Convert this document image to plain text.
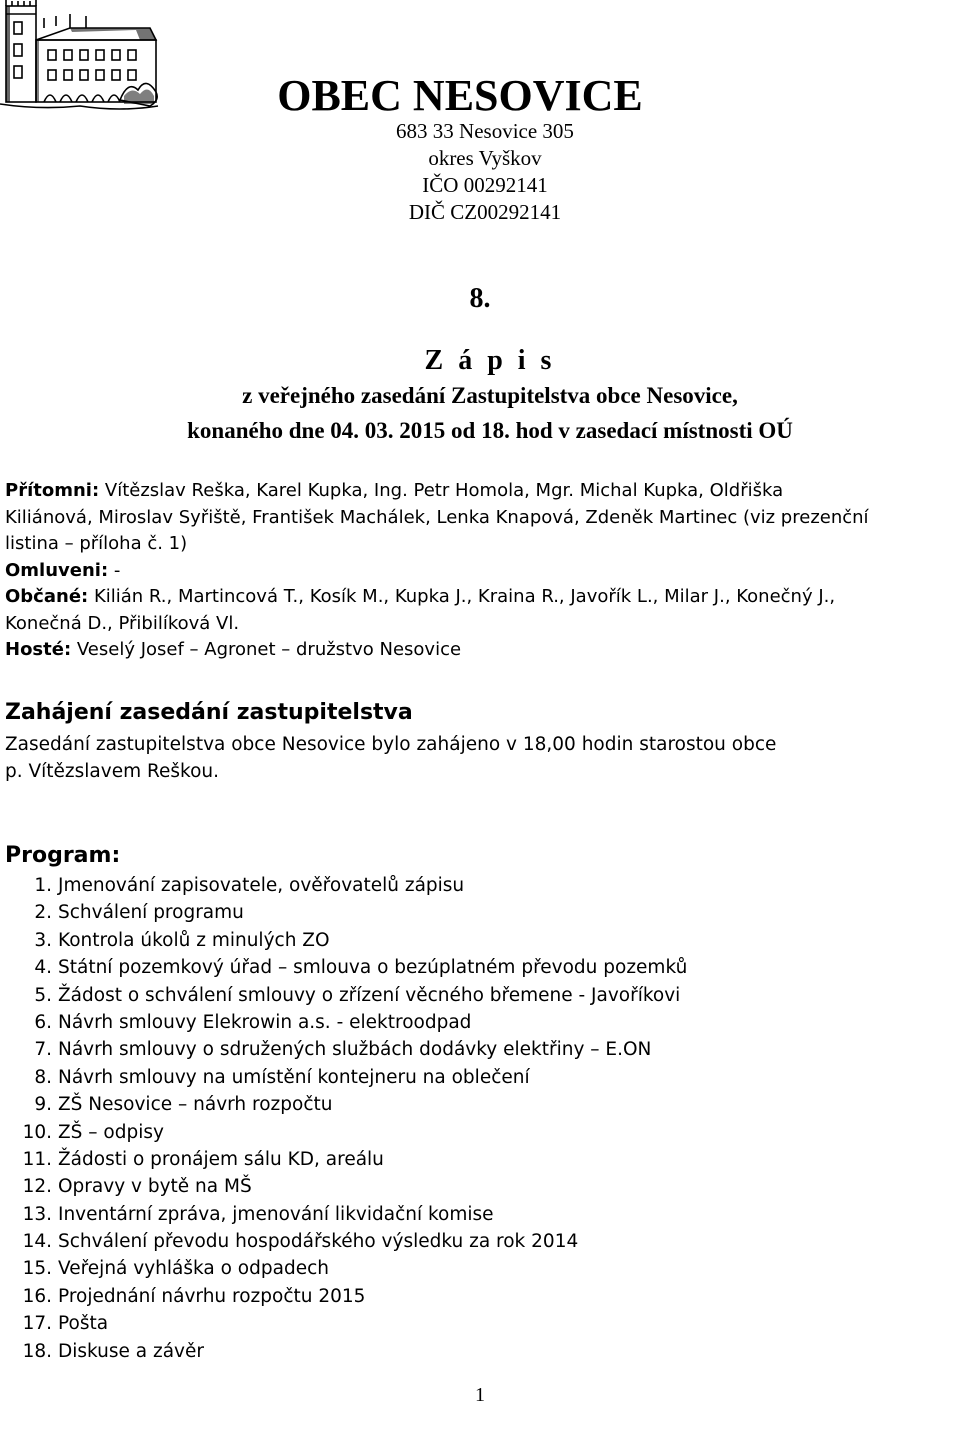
OBEC NESOVICE
683 33 Nesovice 305
okres Vyškov
IČO 00292141
DIČ CZ00292141
8.
Z á p i s
z veřejného zasedání Zastupitelstva obce Nesovice,
konaného dne 04. 03. 2015 od 18. hod v zasedací místnosti OÚ
Přítomni: Vítězslav Reška, Karel Kupka, Ing. Petr Homola, Mgr. Michal Kupka, Oldřiška
Kiliánová, Miroslav Syřiště, František Machálek, Lenka Knapová, Zdeněk Martinec (viz prezenční
listina – příloha č. 1)
Omluveni: -
Občané: Kilián R., Martincová T., Kosík M., Kupka J., Kraina R., Javořík L., Milar J., Konečný J.,
Konečná D., Přibilíková Vl.
Hosté: Veselý Josef – Agronet – družstvo Nesovice
Zahájení zasedání zastupitelstva
Zasedání zastupitelstva obce Nesovice bylo zahájeno v 18,00 hodin starostou obce
p. Vítězslavem Reškou.
Program:
1. Jmenování zapisovatele, ověřovatelů zápisu
2. Schválení programu
3. Kontrola úkolů z minulých ZO
4. Státní pozemkový úřad – smlouva o bezúplatném převodu pozemků
5. Žádost o schválení smlouvy o zřízení věcného břemene - Javoříkovi
6. Návrh smlouvy Elekrowin a.s. - elektroodpad
7. Návrh smlouvy o sdružených službách dodávky elektřiny – E.ON
8. Návrh smlouvy na umístění kontejneru na oblečení
9. ZŠ Nesovice – návrh rozpočtu
10. ZŠ – odpisy
11. Žádosti o pronájem sálu KD, areálu
12. Opravy v bytě na MŠ
13. Inventární zpráva, jmenování likvidační komise
14. Schválení převodu hospodářského výsledku za rok 2014
15. Veřejná vyhláška o odpadech
16. Projednání návrhu rozpočtu 2015
17. Pošta
18. Diskuse a závěr
1
